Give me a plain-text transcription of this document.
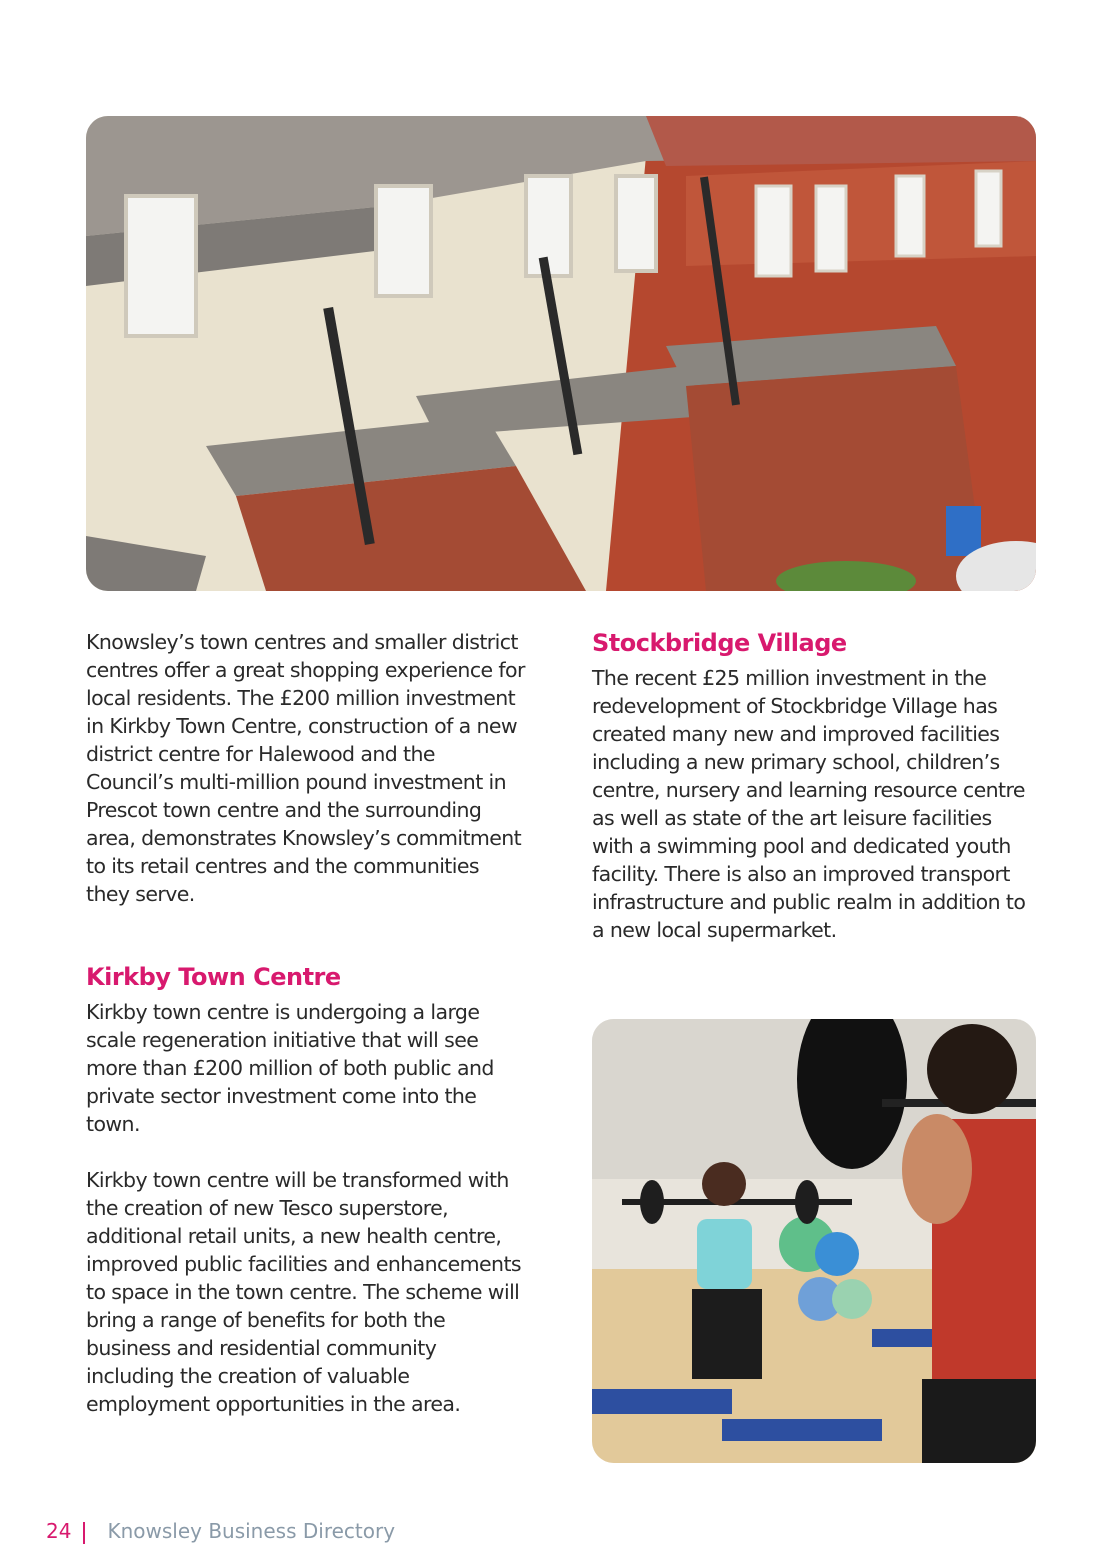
Knowsley’s town centres and smaller district centres offer a great shopping experience for local residents. The £200 million investment in Kirkby Town Centre, construction of a new district centre for Halewood and the Council’s multi-million pound investment in Prescot town centre and the surrounding area, demonstrates Knowsley’s commitment to its retail centres and the communities they serve.

Kirkby Town Centre

Kirkby town centre is undergoing a large scale regeneration initiative that will see more than £200 million of both public and private sector investment come into the town.

Kirkby town centre will be transformed with the creation of new Tesco superstore, additional retail units, a new health centre, improved public facilities and enhancements to space in the town centre. The scheme will bring a range of benefits for both the business and residential community including the creation of valuable employment opportunities in the area.

Stockbridge Village

The recent £25 million investment in the redevelopment of Stockbridge Village has created many new and improved facilities including a new primary school, children’s centre, nursery and learning resource centre as well as state of the art leisure facilities with a swimming pool and dedicated youth facility. There is also an improved transport infrastructure and public realm in addition to a new local supermarket.

24 Knowsley Business Directory
